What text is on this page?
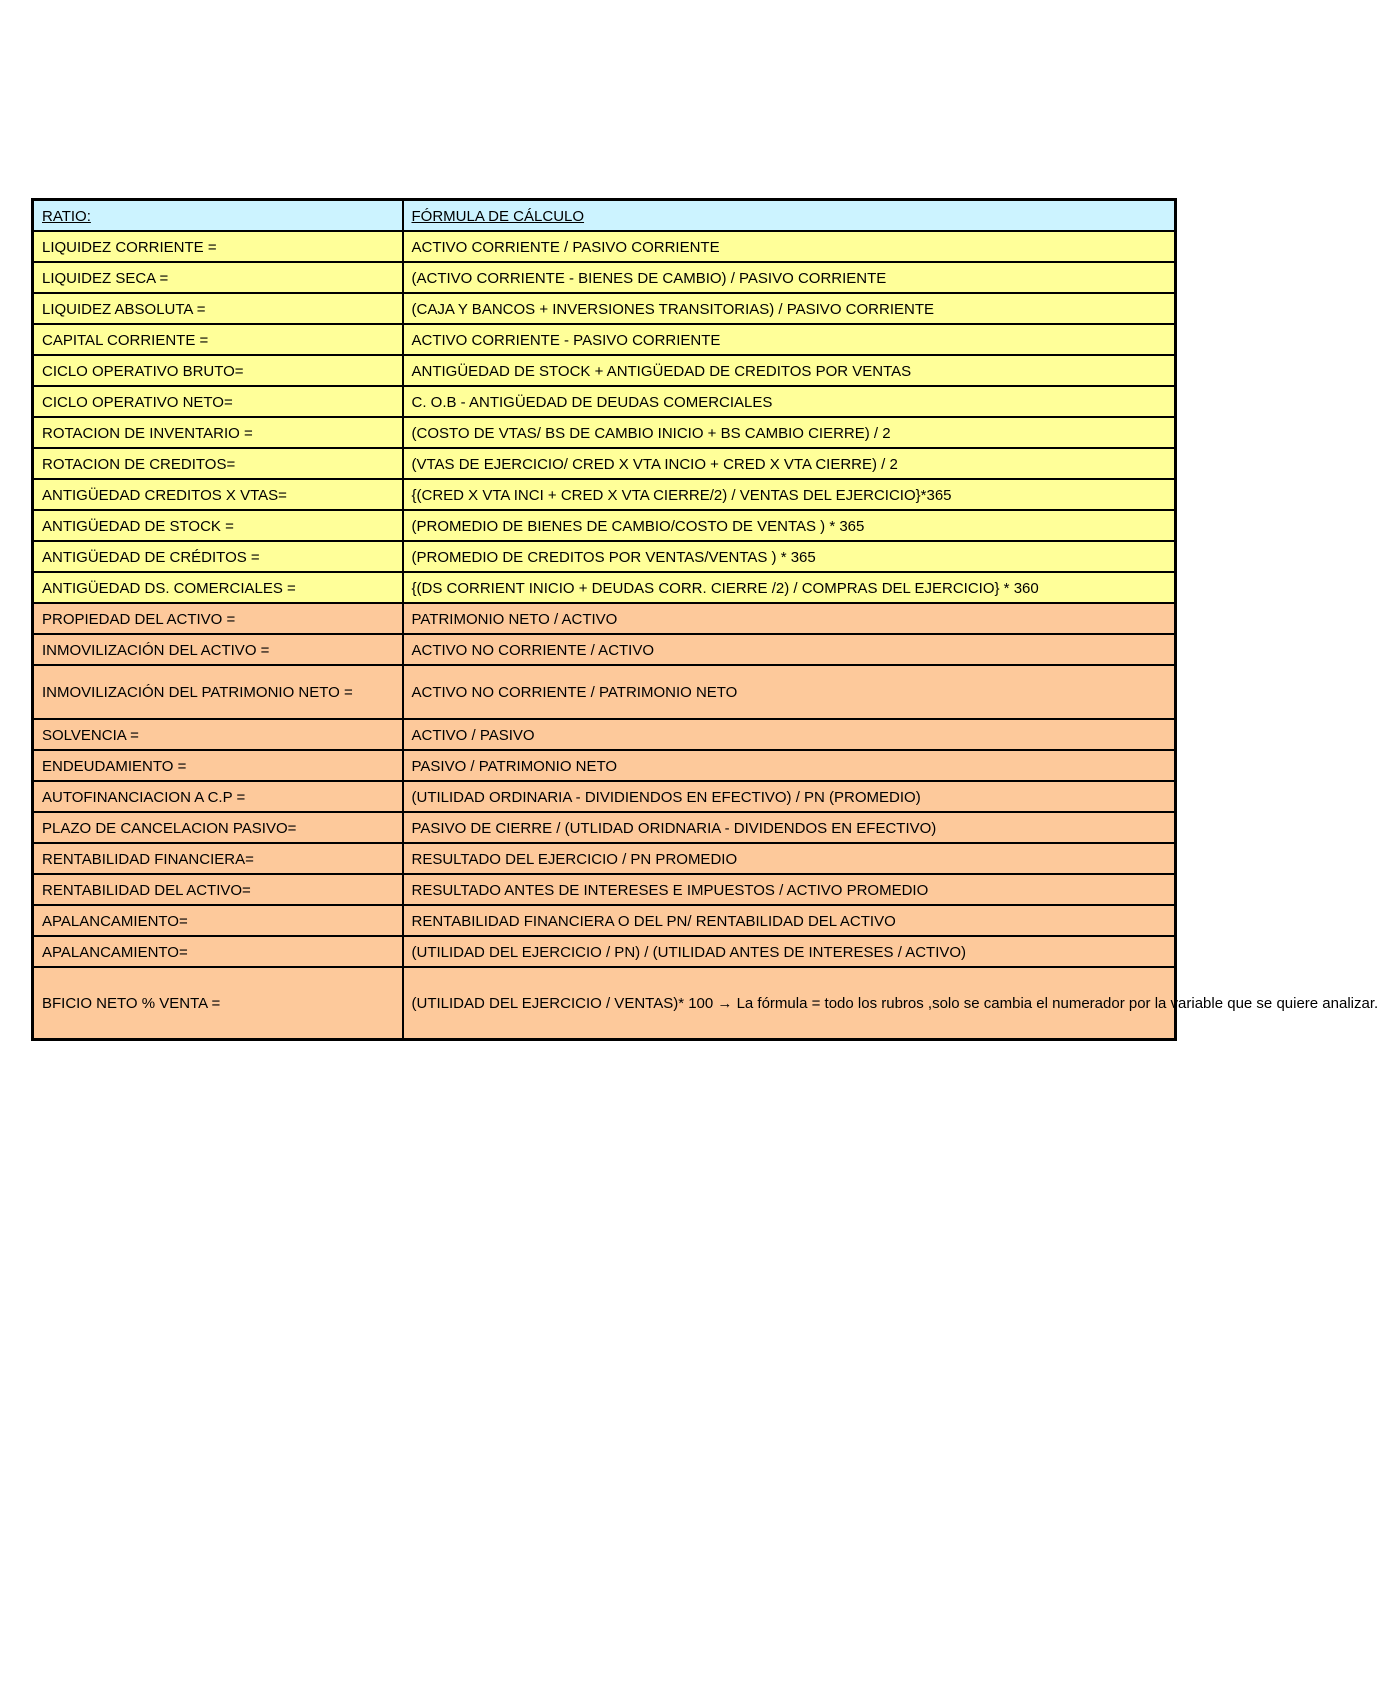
RATIO:	FÓRMULA DE CÁLCULO
LIQUIDEZ CORRIENTE =	ACTIVO CORRIENTE / PASIVO CORRIENTE
LIQUIDEZ SECA =	(ACTIVO CORRIENTE - BIENES DE CAMBIO) / PASIVO CORRIENTE
LIQUIDEZ ABSOLUTA =	(CAJA Y BANCOS + INVERSIONES TRANSITORIAS) / PASIVO CORRIENTE
CAPITAL CORRIENTE =	ACTIVO CORRIENTE - PASIVO CORRIENTE
CICLO OPERATIVO BRUTO=	ANTIGÜEDAD DE STOCK + ANTIGÜEDAD DE CREDITOS POR VENTAS
CICLO OPERATIVO NETO=	C. O.B - ANTIGÜEDAD DE DEUDAS COMERCIALES
ROTACION DE INVENTARIO =	(COSTO DE VTAS/ BS DE CAMBIO INICIO + BS CAMBIO CIERRE) / 2
ROTACION DE CREDITOS=	(VTAS DE EJERCICIO/ CRED X VTA INCIO + CRED X VTA CIERRE) / 2
ANTIGÜEDAD CREDITOS X VTAS=	{(CRED X VTA INCI + CRED X VTA CIERRE/2) / VENTAS DEL EJERCICIO}*365
ANTIGÜEDAD DE STOCK =	(PROMEDIO DE BIENES DE CAMBIO/COSTO DE VENTAS ) * 365
ANTIGÜEDAD DE CRÉDITOS =	(PROMEDIO DE CREDITOS POR VENTAS/VENTAS ) * 365
ANTIGÜEDAD DS. COMERCIALES =	{(DS CORRIENT INICIO + DEUDAS CORR. CIERRE /2) / COMPRAS DEL EJERCICIO} * 360
PROPIEDAD DEL ACTIVO =	PATRIMONIO NETO / ACTIVO
INMOVILIZACIÓN DEL ACTIVO =	ACTIVO NO CORRIENTE / ACTIVO
INMOVILIZACIÓN DEL PATRIMONIO NETO =	ACTIVO NO CORRIENTE / PATRIMONIO NETO
SOLVENCIA =	ACTIVO / PASIVO
ENDEUDAMIENTO =	PASIVO / PATRIMONIO NETO
AUTOFINANCIACION A C.P =	(UTILIDAD ORDINARIA - DIVIDIENDOS EN EFECTIVO) / PN (PROMEDIO)
PLAZO DE CANCELACION PASIVO=	PASIVO DE CIERRE / (UTLIDAD ORIDNARIA - DIVIDENDOS EN EFECTIVO)
RENTABILIDAD FINANCIERA=	RESULTADO DEL EJERCICIO / PN PROMEDIO
RENTABILIDAD DEL ACTIVO=	RESULTADO ANTES DE INTERESES E IMPUESTOS / ACTIVO PROMEDIO
APALANCAMIENTO=	RENTABILIDAD FINANCIERA O DEL PN/ RENTABILIDAD DEL ACTIVO
APALANCAMIENTO=	(UTILIDAD DEL EJERCICIO / PN) / (UTILIDAD ANTES DE INTERESES / ACTIVO)
BFICIO NETO % VENTA =	(UTILIDAD DEL EJERCICIO / VENTAS)* 100 → La fórmula = todo los rubros ,solo se cambia el numerador por la variable que se quiere analizar.
